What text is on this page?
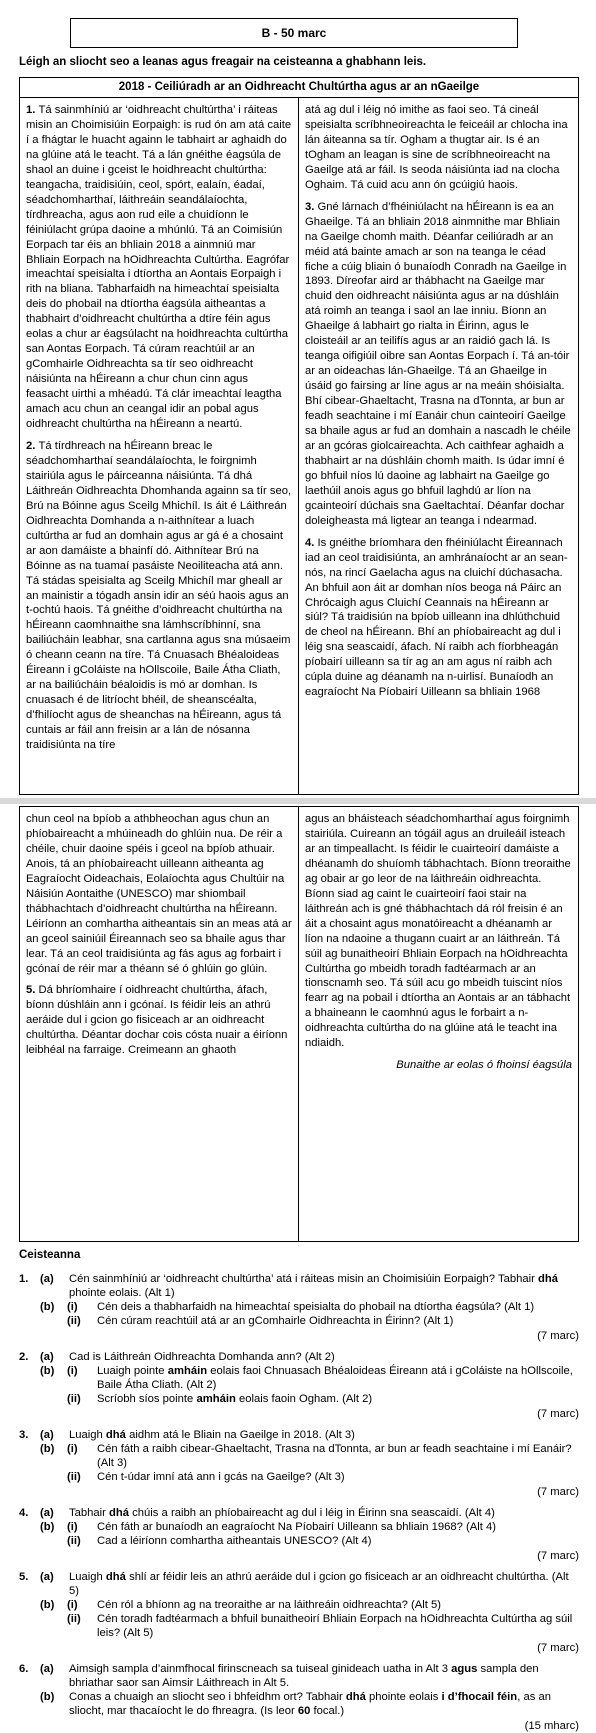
B - 50 marc
Léigh an sliocht seo a leanas agus freagair na ceisteanna a ghabhann leis.
2018 - Ceiliúradh ar an Oidhreacht Chultúrtha agus ar an nGaeilge
1. Tá sainmhíniú ar ‘oidhreacht chultúrtha’ i ráiteas misin an Choimisiúin Eorpaigh: is rud ón am atá caite í a fhágtar le huacht againn le tabhairt ar aghaidh do na glúine atá le teacht. Tá a lán gnéithe éagsúla de shaol an duine i gceist le hoidhreacht chultúrtha: teangacha, traidisiúin, ceol, spórt, ealaín, éadaí, séadchomharthaí, láithreáin seandálaíochta, tírdhreacha, agus aon rud eile a chuidíonn le féiniúlacht grúpa daoine a mhúnlú. Tá an Coimisiún Eorpach tar éis an bhliain 2018 a ainmniú mar Bhliain Eorpach na hOidhreachta Cultúrtha. Eagrófar imeachtaí speisialta i dtíortha an Aontais Eorpaigh i rith na bliana. Tabharfaidh na himeachtaí speisialta deis do phobail na dtíortha éagsúla aitheantas a thabhairt d’oidhreacht chultúrtha a dtíre féin agus eolas a chur ar éagsúlacht na hoidhreachta cultúrtha san Aontas Eorpach. Tá cúram reachtúil ar an gComhairle Oidhreachta sa tír seo oidhreacht náisiúnta na hÉireann a chur chun cinn agus feasacht uirthi a mhéadú. Tá clár imeachtaí leagtha amach acu chun an ceangal idir an pobal agus oidhreacht chultúrtha na hÉireann a neartú.
2. Tá tírdhreach na hÉireann breac le séadchomharthaí seandálaíochta, le foirgnimh stairiúla agus le páirceanna náisiúnta. Tá dhá Láithreán Oidhreachta Dhomhanda againn sa tír seo, Brú na Bóinne agus Sceilg Mhichíl. Is áit é Láithreán Oidhreachta Domhanda a n-aithnítear a luach cultúrtha ar fud an domhain agus ar gá é a chosaint ar aon damáiste a bhainfí dó. Aithnítear Brú na Bóinne as na tuamaí pasáiste Neoiliteacha atá ann. Tá stádas speisialta ag Sceilg Mhichíl mar gheall ar an mainistir a tógadh ansin idir an séú haois agus an t-ochtú haois. Tá gnéithe d’oidhreacht chultúrtha na hÉireann caomhnaithe sna lámhscríbhinní, sna bailiúcháin leabhar, sna cartlanna agus sna músaeim ó cheann ceann na tíre. Tá Cnuasach Bhéaloideas Éireann i gColáiste na hOllscoile, Baile Átha Cliath, ar na bailiúcháin béaloidis is mó ar domhan. Is cnuasach é de litríocht bhéil, de sheanscéalta, d’fhilíocht agus de sheanchas na hÉireann, agus tá cuntais ar fáil ann freisin ar a lán de nósanna traidisiúnta na tíre
atá ag dul i léig nó imithe as faoi seo. Tá cineál speisialta scríbhneoireachta le feiceáil ar chlocha ina lán áiteanna sa tír. Ogham a thugtar air. Is é an tOgham an leagan is sine de scríbhneoireacht na Gaeilge atá ar fáil. Is seoda náisiúnta iad na clocha Oghaim. Tá cuid acu ann ón gcúigiú haois.
3. Gné lárnach d’fhéiniúlacht na hÉireann is ea an Ghaeilge. Tá an bhliain 2018 ainmnithe mar Bhliain na Gaeilge chomh maith. Déanfar ceiliúradh ar an méid atá bainte amach ar son na teanga le céad fiche a cúig bliain ó bunaíodh Conradh na Gaeilge in 1893. Díreofar aird ar thábhacht na Gaeilge mar chuid den oidhreacht náisiúnta agus ar na dúshláin atá roimh an teanga i saol an lae inniu. Bíonn an Ghaeilge á labhairt go rialta in Éirinn, agus le cloisteáil ar an teilifís agus ar an raidió gach lá. Is teanga oifigiúil oibre san Aontas Eorpach í. Tá an-tóir ar an oideachas lán-Ghaeilge. Tá an Ghaeilge in úsáid go fairsing ar líne agus ar na meáin shóisialta. Bhí cibear-Ghaeltacht, Trasna na dTonnta, ar bun ar feadh seachtaine i mí Eanáir chun cainteoirí Gaeilge sa bhaile agus ar fud an domhain a nascadh le chéile ar an gcóras giolcaireachta. Ach caithfear aghaidh a thabhairt ar na dúshláin chomh maith. Is údar imní é go bhfuil níos lú daoine ag labhairt na Gaeilge go laethúil anois agus go bhfuil laghdú ar líon na gcainteoirí dúchais sna Gaeltachtaí. Déanfar dochar doleigheasta má ligtear an teanga i ndearmad.
4. Is gnéithe bríomhara den fhéiniúlacht Éireannach iad an ceol traidisiúnta, an amhránaíocht ar an sean-nós, na rincí Gaelacha agus na cluichí dúchasacha. An bhfuil aon áit ar domhan níos beoga ná Páirc an Chrócaigh agus Cluichí Ceannais na hÉireann ar siúl? Tá traidisiún na bpíob uilleann ina dhlúthchuid de cheol na hÉireann. Bhí an phíobaireacht ag dul i léig sna seascaidí, áfach. Ní raibh ach fíorbheagán píobairí uilleann sa tír ag an am agus ní raibh ach cúpla duine ag déanamh na n-uirlisí. Bunaíodh an eagraíocht Na Píobairí Uilleann sa bhliain 1968
chun ceol na bpíob a athbheochan agus chun an phíobaireacht a mhúineadh do ghlúin nua. De réir a chéile, chuir daoine spéis i gceol na bpíob athuair. Anois, tá an phíobaireacht uilleann aitheanta ag Eagraíocht Oideachais, Eolaíochta agus Chultúir na Náisiún Aontaithe (UNESCO) mar shiombail thábhachtach d’oidhreacht chultúrtha na hÉireann. Léiríonn an comhartha aitheantais sin an meas atá ar an gceol sainiúil Éireannach seo sa bhaile agus thar lear. Tá an ceol traidisiúnta ag fás agus ag forbairt i gcónaí de réir mar a théann sé ó ghlúin go glúin.
5. Dá bhríomhaire í oidhreacht chultúrtha, áfach, bíonn dúshláin ann i gcónaí. Is féidir leis an athrú aeráide dul i gcion go fisiceach ar an oidhreacht chultúrtha. Déantar dochar cois cósta nuair a éiríonn leibhéal na farraige. Creimeann an ghaoth
agus an bháisteach séadchomharthaí agus foirgnimh stairiúla. Cuireann an tógáil agus an druileáil isteach ar an timpeallacht. Is féidir le cuairteoirí damáiste a dhéanamh do shuíomh tábhachtach. Bíonn treoraithe ag obair ar go leor de na láithreáin oidhreachta. Bíonn siad ag caint le cuairteoirí faoi stair na láithreán ach is gné thábhachtach dá ról freisin é an áit a chosaint agus monatóireacht a dhéanamh ar líon na ndaoine a thugann cuairt ar an láithreán. Tá súil ag bunaitheoirí Bhliain Eorpach na hOidhreachta Cultúrtha go mbeidh toradh fadtéarmach ar an tionscnamh seo. Tá súil acu go mbeidh tuiscint níos fearr ag na pobail i dtíortha an Aontais ar an tábhacht a bhaineann le caomhnú agus le forbairt a n-oidhreachta cultúrtha do na glúine atá le teacht ina ndiaidh.
Bunaithe ar eolas ó fhoinsí éagsúla
Ceisteanna
1.	(a)	Cén sainmhíniú ar ‘oidhreacht chultúrtha’ atá i ráiteas misin an Choimisiúin Eorpaigh? Tabhair dhá phointe eolais. (Alt 1)
(b)	(i)	Cén deis a thabharfaidh na himeachtaí speisialta do phobail na dtíortha éagsúla? (Alt 1)
(ii)	Cén cúram reachtúil atá ar an gComhairle Oidhreachta in Éirinn? (Alt 1)
(7 marc)
2.	(a)	Cad is Láithreán Oidhreachta Domhanda ann? (Alt 2)
(b)	(i)	Luaigh pointe amháin eolais faoi Chnuasach Bhéaloideas Éireann atá i gColáiste na hOllscoile, Baile Átha Cliath. (Alt 2)
(ii)	Scríobh síos pointe amháin eolais faoin Ogham. (Alt 2)
(7 marc)
3.	(a)	Luaigh dhá aidhm atá le Bliain na Gaeilge in 2018. (Alt 3)
(b)	(i)	Cén fáth a raibh cibear-Ghaeltacht, Trasna na dTonnta, ar bun ar feadh seachtaine i mí Eanáir? (Alt 3)
(ii)	Cén t-údar imní atá ann i gcás na Gaeilge? (Alt 3)
(7 marc)
4.	(a)	Tabhair dhá chúis a raibh an phíobaireacht ag dul i léig in Éirinn sna seascaidí. (Alt 4)
(b)	(i)	Cén fáth ar bunaíodh an eagraíocht Na Píobairí Uilleann sa bhliain 1968? (Alt 4)
(ii)	Cad a léiríonn comhartha aitheantais UNESCO? (Alt 4)
(7 marc)
5.	(a)	Luaigh dhá shlí ar féidir leis an athrú aeráide dul i gcion go fisiceach ar an oidhreacht chultúrtha. (Alt 5)
(b)	(i)	Cén ról a bhíonn ag na treoraithe ar na láithreáin oidhreachta? (Alt 5)
(ii)	Cén toradh fadtéarmach a bhfuil bunaitheoirí Bhliain Eorpach na hOidhreachta Cultúrtha ag súil leis? (Alt 5)
(7 marc)
6.	(a)	Aimsigh sampla d’ainmfhocal firinscneach sa tuiseal ginideach uatha in Alt 3 agus sampla den bhriathar saor san Aimsir Láithreach in Alt 5.
(b)	Conas a chuaigh an sliocht seo i bhfeidhm ort? Tabhair dhá phointe eolais i d’fhocail féin, as an sliocht, mar thacaíocht le do fhreagra. (Is leor 60 focal.)
(15 mharc)
